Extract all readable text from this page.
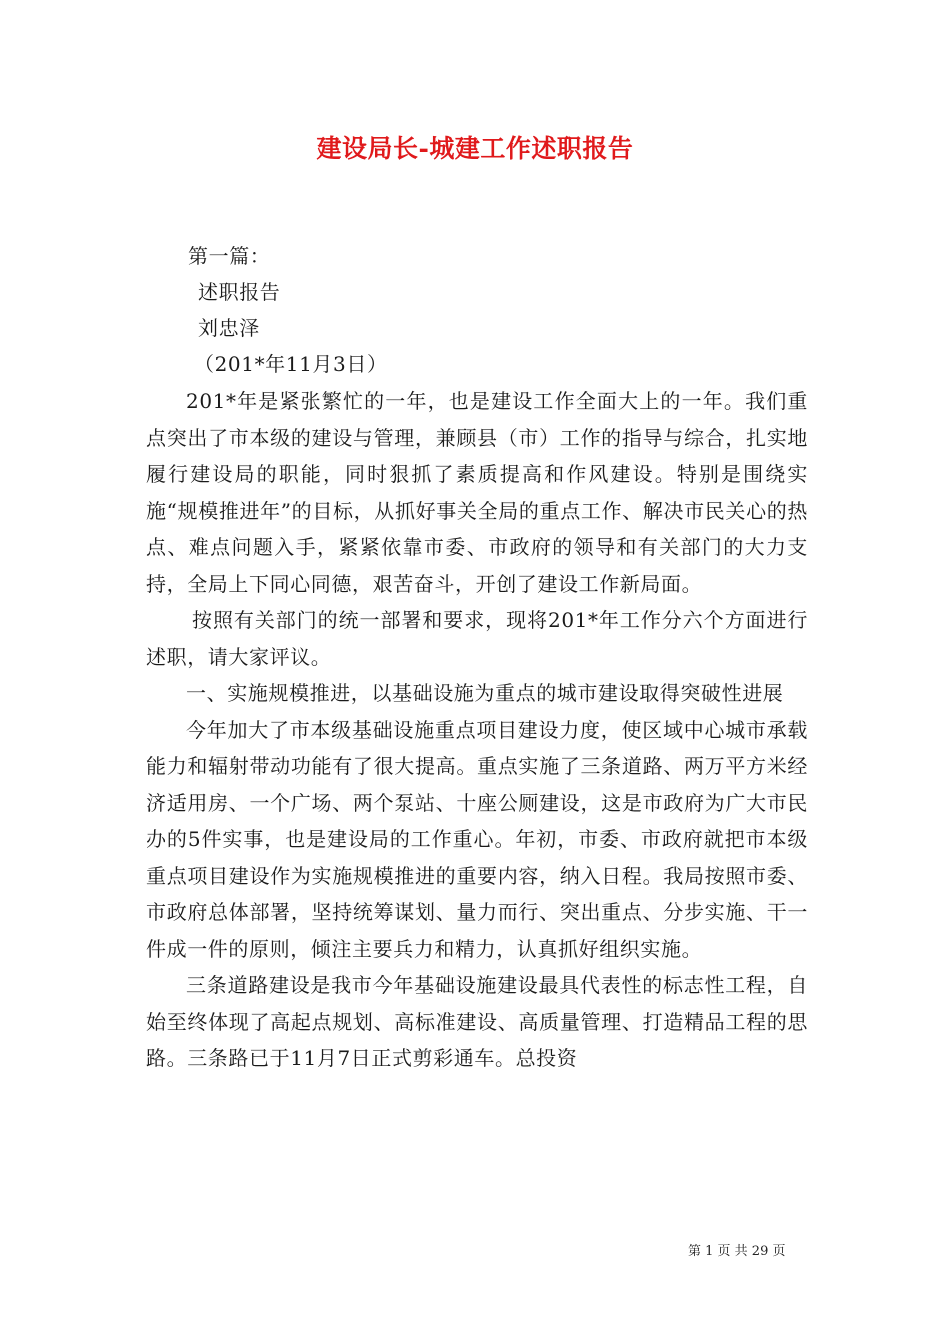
建设局长-城建工作述职报告
第一篇：
述职报告
刘忠泽
（201*年11月3日）

201*年是紧张繁忙的一年，也是建设工作全面大上的一年。我们重点突出了市本级的建设与管理，兼顾县（市）工作的指导与综合，扎实地履行建设局的职能，同时狠抓了素质提高和作风建设。特别是围绕实施“规模推进年”的目标，从抓好事关全局的重点工作、解决市民关心的热点、难点问题入手，紧紧依靠市委、市政府的领导和有关部门的大力支持，全局上下同心同德，艰苦奋斗，开创了建设工作新局面。

按照有关部门的统一部署和要求，现将201*年工作分六个方面进行述职，请大家评议。

一、实施规模推进，以基础设施为重点的城市建设取得突破性进展

今年加大了市本级基础设施重点项目建设力度，使区域中心城市承载能力和辐射带动功能有了很大提高。重点实施了三条道路、两万平方米经济适用房、一个广场、两个泵站、十座公厕建设，这是市政府为广大市民办的5件实事，也是建设局的工作重心。年初，市委、市政府就把市本级重点项目建设作为实施规模推进的重要内容，纳入日程。我局按照市委、市政府总体部署，坚持统筹谋划、量力而行、突出重点、分步实施、干一件成一件的原则，倾注主要兵力和精力，认真抓好组织实施。

三条道路建设是我市今年基础设施建设最具代表性的标志性工程，自始至终体现了高起点规划、高标准建设、高质量管理、打造精品工程的思路。三条路已于11月7日正式剪彩通车。总投资

第 1 页 共 29 页
